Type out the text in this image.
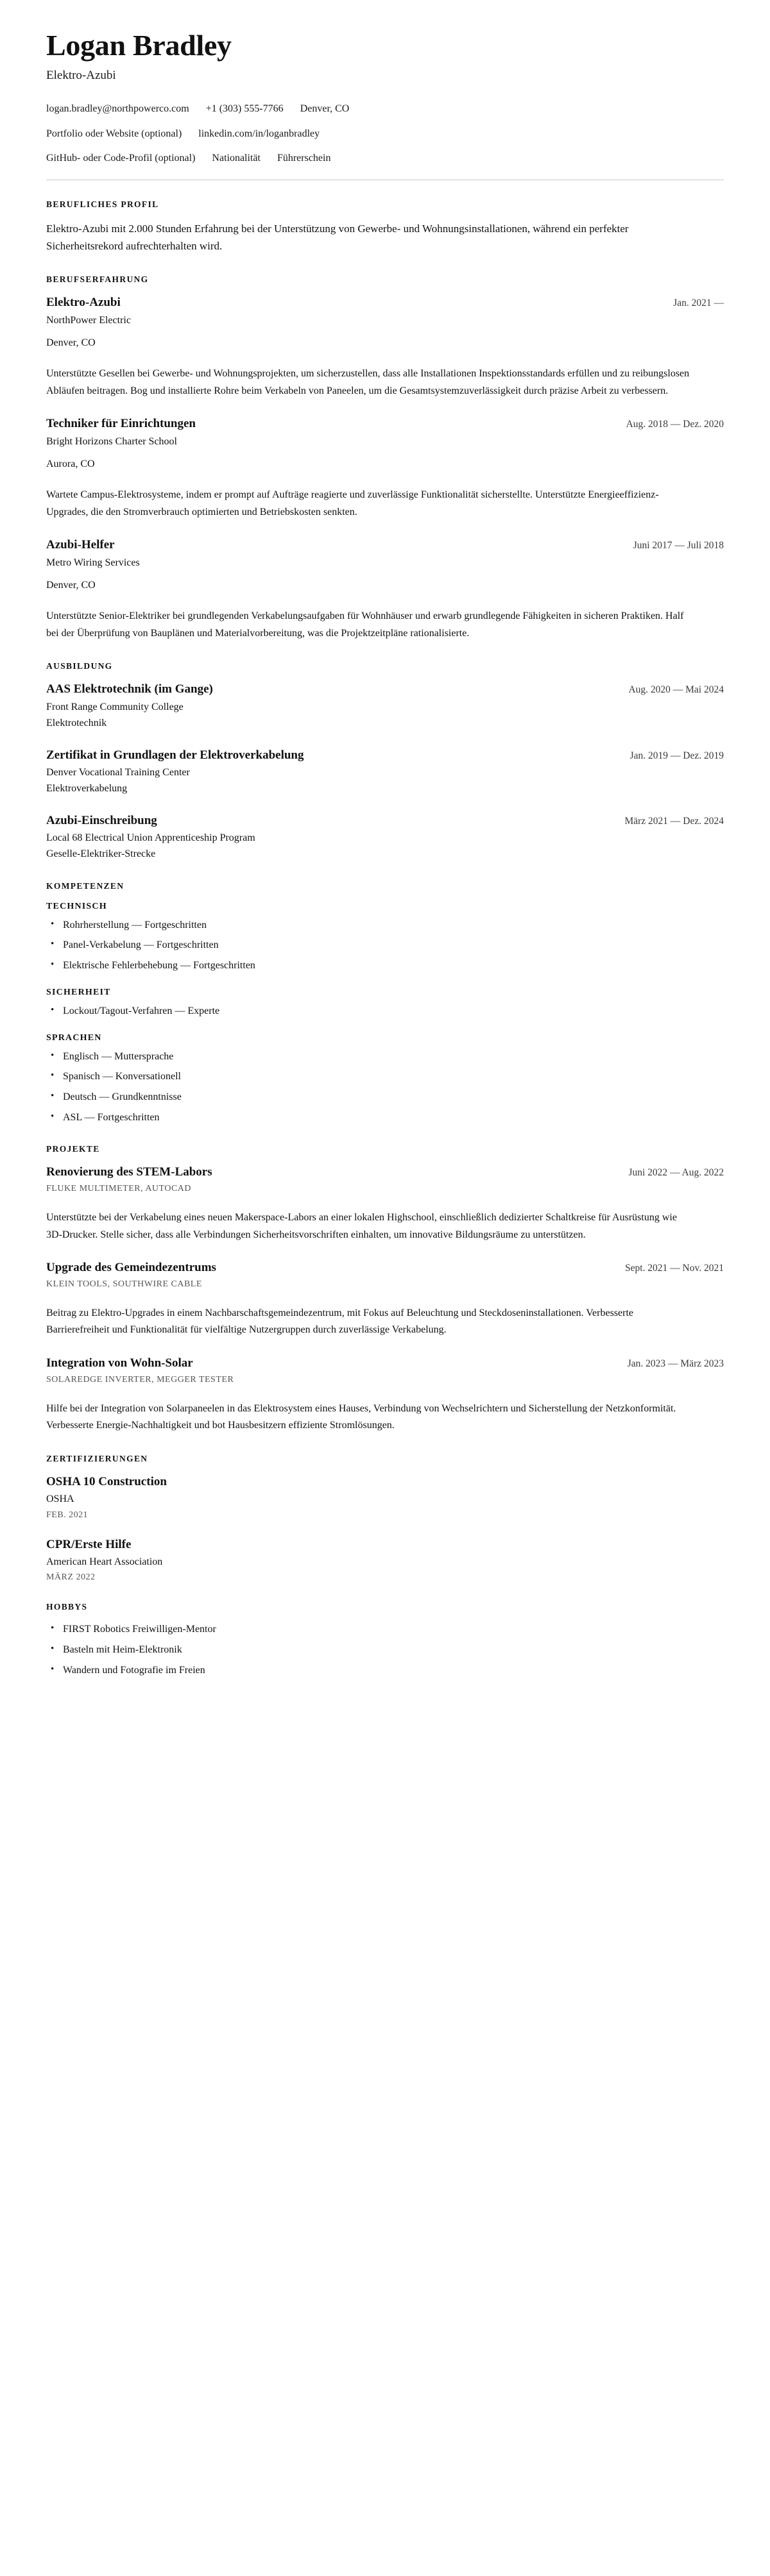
Logan Bradley

Elektro-Azubi

logan.bradley@northpowerco.com +1 (303) 555-7766 Denver, CO
Portfolio oder Website (optional) linkedin.com/in/loganbradley
GitHub- oder Code-Profil (optional) Nationalität Führerschein
BERUFLICHES PROFIL

Elektro-Azubi mit 2.000 Stunden Erfahrung bei der Unterstützung von Gewerbe- und Wohnungsinstallationen, während ein perfekter Sicherheitsrekord aufrechterhalten wird.

BERUFSERFAHRUNG
Elektro-Azubi	Jan. 2021 —

NorthPower Electric

Denver, CO

Unterstützte Gesellen bei Gewerbe- und Wohnungsprojekten, um sicherzustellen, dass alle Installationen Inspektionsstandards erfüllen und zu reibungslosen Abläufen beitragen. Bog und installierte Rohre beim Verkabeln von Paneelen, um die Gesamtsystemzuverlässigkeit durch präzise Arbeit zu verbessern.

Techniker für Einrichtungen	Aug. 2018 — Dez. 2020

Bright Horizons Charter School

Aurora, CO

Wartete Campus-Elektrosysteme, indem er prompt auf Aufträge reagierte und zuverlässige Funktionalität sicherstellte. Unterstützte Energieeffizienz-Upgrades, die den Stromverbrauch optimierten und Betriebskosten senkten.

Azubi-Helfer	Juni 2017 — Juli 2018

Metro Wiring Services

Denver, CO

Unterstützte Senior-Elektriker bei grundlegenden Verkabelungsaufgaben für Wohnhäuser und erwarb grundlegende Fähigkeiten in sicheren Praktiken. Half bei der Überprüfung von Bauplänen und Materialvorbereitung, was die Projektzeitpläne rationalisierte.

AUSBILDUNG
AAS Elektrotechnik (im Gange)	Aug. 2020 — Mai 2024

Front Range Community College

Elektrotechnik

Zertifikat in Grundlagen der Elektroverkabelung	Jan. 2019 — Dez. 2019

Denver Vocational Training Center

Elektroverkabelung

Azubi-Einschreibung	März 2021 — Dez. 2024

Local 68 Electrical Union Apprenticeship Program

Geselle-Elektriker-Strecke

KOMPETENZEN
TECHNISCH
• Rohrherstellung — Fortgeschritten
• Panel-Verkabelung — Fortgeschritten
• Elektrische Fehlerbehebung — Fortgeschritten
SICHERHEIT
• Lockout/Tagout-Verfahren — Experte
SPRACHEN
• Englisch — Muttersprache
• Spanisch — Konversationell
• Deutsch — Grundkenntnisse
• ASL — Fortgeschritten
PROJEKTE
Renovierung des STEM-Labors	Juni 2022 — Aug. 2022

FLUKE MULTIMETER, AUTOCAD

Unterstützte bei der Verkabelung eines neuen Makerspace-Labors an einer lokalen Highschool, einschließlich dedizierter Schaltkreise für Ausrüstung wie 3D-Drucker. Stelle sicher, dass alle Verbindungen Sicherheitsvorschriften einhalten, um innovative Bildungsräume zu unterstützen.

Upgrade des Gemeindezentrums	Sept. 2021 — Nov. 2021

KLEIN TOOLS, SOUTHWIRE CABLE

Beitrag zu Elektro-Upgrades in einem Nachbarschaftsgemeindezentrum, mit Fokus auf Beleuchtung und Steckdoseninstallationen. Verbesserte Barrierefreiheit und Funktionalität für vielfältige Nutzergruppen durch zuverlässige Verkabelung.

Integration von Wohn-Solar	Jan. 2023 — März 2023

SOLAREDGE INVERTER, MEGGER TESTER

Hilfe bei der Integration von Solarpaneelen in das Elektrosystem eines Hauses, Verbindung von Wechselrichtern und Sicherstellung der Netzkonformität. Verbesserte Energie-Nachhaltigkeit und bot Hausbesitzern effiziente Stromlösungen.

ZERTIFIZIERUNGEN
OSHA 10 Construction

OSHA

FEB. 2021

CPR/Erste Hilfe

American Heart Association

MÄRZ 2022

HOBBYS
• FIRST Robotics Freiwilligen-Mentor
• Basteln mit Heim-Elektronik
• Wandern und Fotografie im Freien
